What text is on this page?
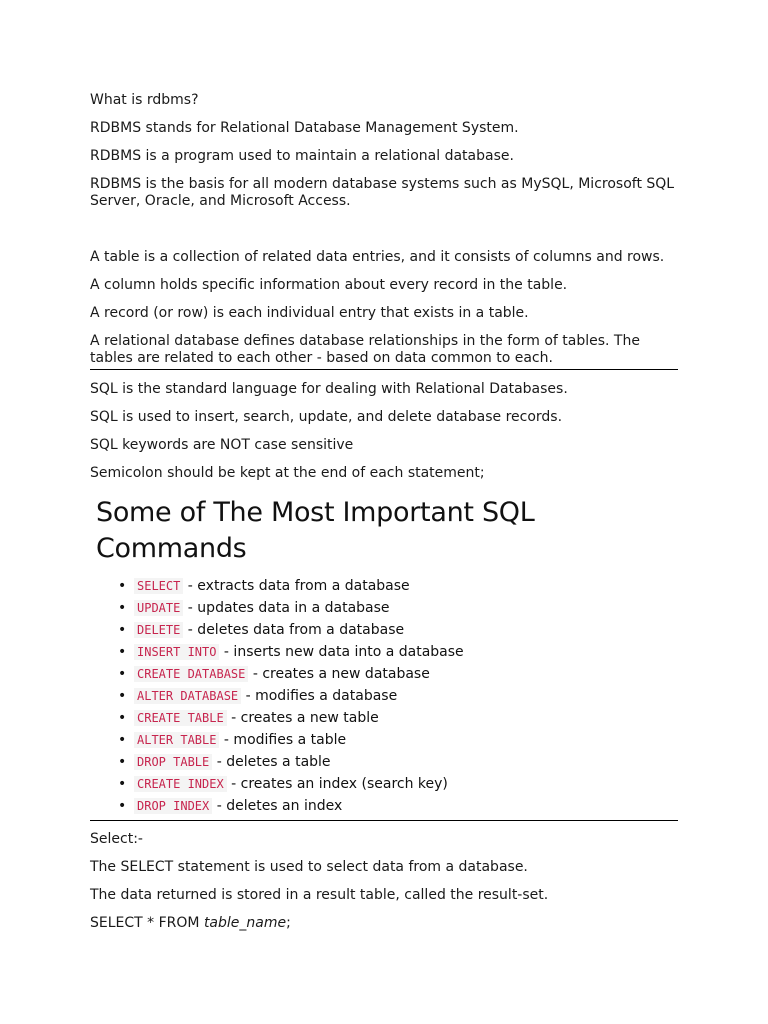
What is rdbms?

RDBMS stands for Relational Database Management System.

RDBMS is a program used to maintain a relational database.

RDBMS is the basis for all modern database systems such as MySQL, Microsoft SQL Server, Oracle, and Microsoft Access.

A table is a collection of related data entries, and it consists of columns and rows.

A column holds specific information about every record in the table.

A record (or row) is each individual entry that exists in a table.

A relational database defines database relationships in the form of tables. The tables are related to each other - based on data common to each.

SQL is the standard language for dealing with Relational Databases.

SQL is used to insert, search, update, and delete database records.

SQL keywords are NOT case sensitive

Semicolon should be kept at the end of each statement;

Some of The Most Important SQL Commands
• SELECT - extracts data from a database
• UPDATE - updates data in a database
• DELETE - deletes data from a database
• INSERT INTO - inserts new data into a database
• CREATE DATABASE - creates a new database
• ALTER DATABASE - modifies a database
• CREATE TABLE - creates a new table
• ALTER TABLE - modifies a table
• DROP TABLE - deletes a table
• CREATE INDEX - creates an index (search key)
• DROP INDEX - deletes an index

Select:-

The SELECT statement is used to select data from a database.

The data returned is stored in a result table, called the result-set.

SELECT * FROM table_name;
